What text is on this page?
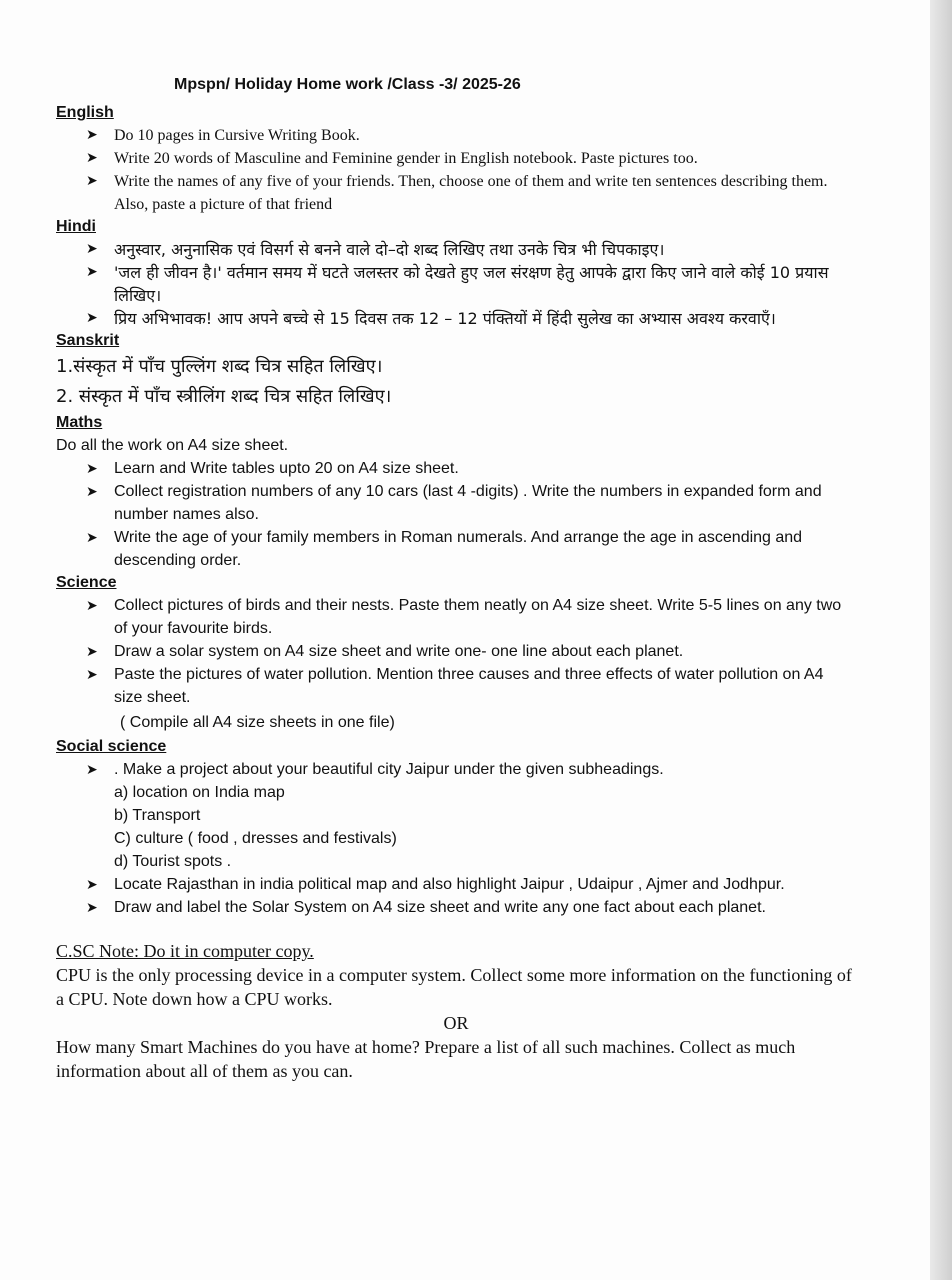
Mpspn/ Holiday Home work /Class -3/ 2025-26

English

➤ Do 10 pages in Cursive Writing Book.
➤ Write 20 words of Masculine and Feminine gender in English notebook. Paste pictures too.
➤ Write the names of any five of your friends. Then, choose one of them and write ten sentences describing them. Also, paste a picture of that friend

Hindi

➤ अनुस्वार, अनुनासिक एवं विसर्ग से बनने वाले दो–दो शब्द लिखिए तथा उनके चित्र भी चिपकाइए।
➤ 'जल ही जीवन है।' वर्तमान समय में घटते जलस्तर को देखते हुए जल संरक्षण हेतु आपके द्वारा किए जाने वाले कोई 10 प्रयास लिखिए।
➤ प्रिय अभिभावक! आप अपने बच्चे से 15 दिवस तक 12 – 12 पंक्तियों में हिंदी सुलेख का अभ्यास अवश्य करवाएँ।

Sanskrit

1.संस्कृत में पाँच पुल्लिंग शब्द चित्र सहित लिखिए।

2. संस्कृत में पाँच स्त्रीलिंग शब्द चित्र सहित लिखिए।

Maths

Do all the work on A4 size sheet.

➤ Learn and Write tables upto 20 on A4 size sheet.
➤ Collect registration numbers of any 10 cars (last 4 -digits) . Write the numbers in expanded form and number names also.
➤ Write the age of your family members in Roman numerals. And arrange the age in ascending and descending order.

Science

➤ Collect pictures of birds and their nests. Paste them neatly on A4 size sheet. Write 5-5 lines on any two of your favourite birds.
➤ Draw a solar system on A4 size sheet and write one- one line about each planet.
➤ Paste the pictures of water pollution. Mention three causes and three effects of water pollution on A4 size sheet.
( Compile all A4 size sheets in one file)

Social science

➤ . Make a project about your beautiful city Jaipur under the given subheadings.
a) location on India map
b) Transport
C) culture ( food , dresses and festivals)
d) Tourist spots .
➤ Locate Rajasthan in india political map and also highlight Jaipur , Udaipur , Ajmer and Jodhpur.
➤ Draw and label the Solar System on A4 size sheet and write any one fact about each planet.

C.SC Note: Do it in computer copy.

CPU is the only processing device in a computer system. Collect some more information on the functioning of a CPU. Note down how a CPU works.

OR

How many Smart Machines do you have at home? Prepare a list of all such machines. Collect as much information about all of them as you can.
